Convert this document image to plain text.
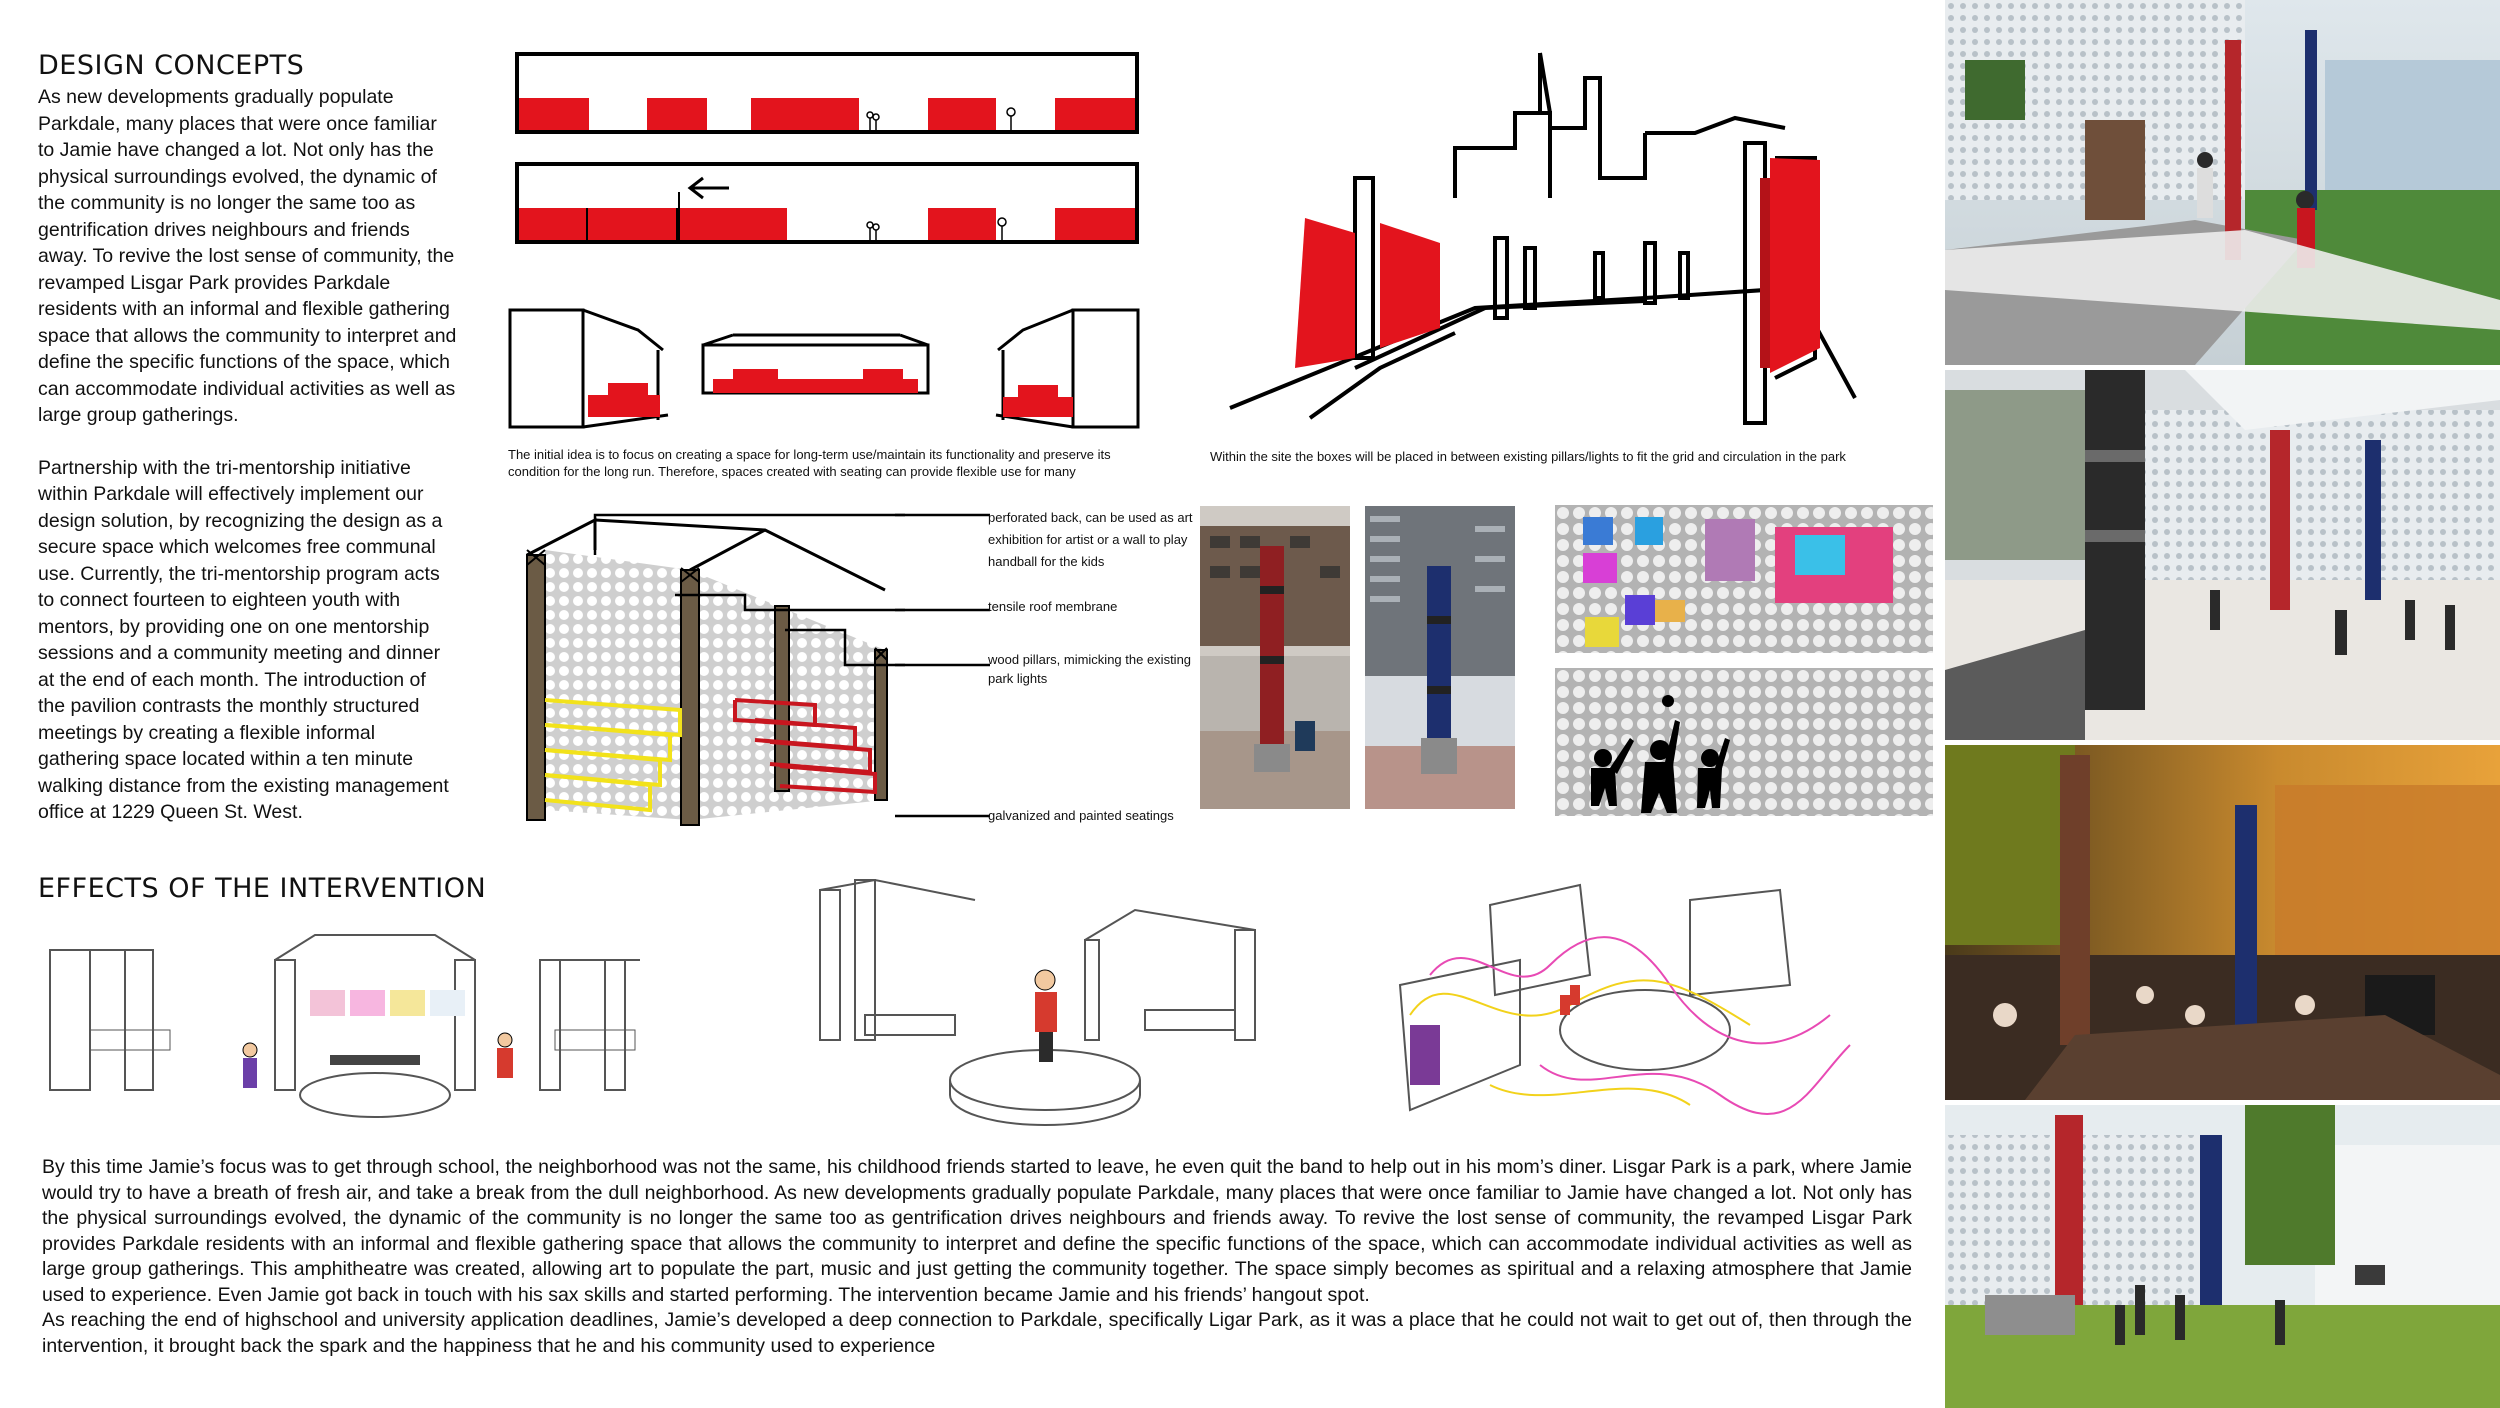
DESIGN CONCEPTS

As new developments gradually populate Parkdale, many places that were once familiar to Jamie have changed a lot. Not only has the physical surroundings evolved, the dynamic of the community is no longer the same too as gentrification drives neighbours and friends away. To revive the lost sense of community, the revamped Lisgar Park provides Parkdale residents with an informal and flexible gathering space that allows the community to interpret and define the specific functions of the space, which can accommodate individual activities as well as large group gatherings.

Partnership with the tri-mentorship initiative within Parkdale will effectively implement our design solution, by recognizing the design as a secure space which welcomes free communal use. Currently, the tri-mentorship program acts to connect fourteen to eighteen youth with mentors, by providing one on one mentorship sessions and a community meeting and dinner at the end of each month. The introduction of the pavilion contrasts the monthly structured meetings by creating a flexible informal gathering space located within a ten minute walking distance from the existing management office at 1229 Queen St. West.

The initial idea is to focus on creating a space for long-term use/maintain its functionality and preserve its condition for the long run. Therefore, spaces created with seating can provide flexible use for many
Within the site the boxes will be placed in between existing pillars/lights to fit the grid and circulation in the park
perforated back, can be used as art exhibition for artist or a wall to play handball for the kids
tensile roof membrane
wood pillars, mimicking the existing park lights
galvanized and painted seatings
EFFECTS OF THE INTERVENTION

By this time Jamie’s focus was to get through school, the neighborhood was not the same, his childhood friends started to leave, he even quit the band to help out in his mom’s diner. Lisgar Park is a park, where Jamie would try to have a breath of fresh air, and take a break from the dull neighborhood. As new developments gradually populate Parkdale, many places that were once familiar to Jamie have changed a lot. Not only has the physical surroundings evolved, the dynamic of the community is no longer the same too as gentrification drives neighbours and friends away. To revive the lost sense of community, the revamped Lisgar Park provides Parkdale residents with an informal and flexible gathering space that allows the community to interpret and define the specific functions of the space, which can accommodate individual activities as well as large group gatherings. This amphitheatre was created, allowing art to populate the part, music and just getting the community together. The space simply becomes as spiritual and a relaxing atmosphere that Jamie used to experience. Even Jamie got back in touch with his sax skills and started performing. The intervention became Jamie and his friends’ hangout spot.

As reaching the end of highschool and university application deadlines, Jamie’s developed a deep connection to Parkdale, specifically Ligar Park, as it was a place that he could not wait to get out of, then through the intervention, it brought back the spark and the happiness that he and his community used to experience
